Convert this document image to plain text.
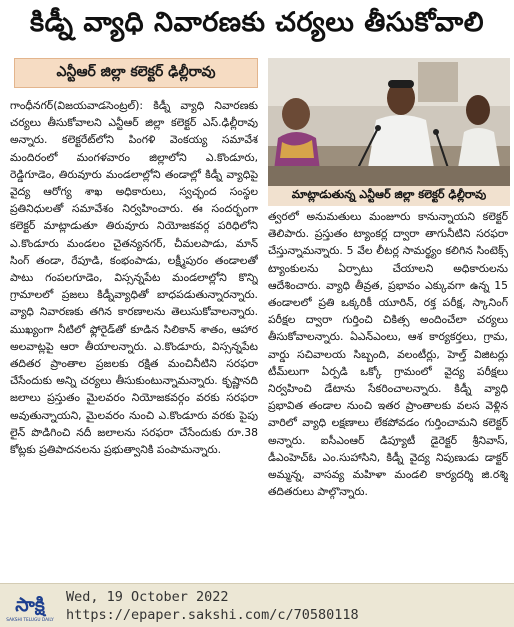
కిడ్నీ వ్యాధి నివారణకు చర్యలు తీసుకోవాలి
ఎన్టీఆర్ జిల్లా కలెక్టర్ ఢిల్లీరావు

గాంధీనగర్(విజయవాడసెంట్రల్): కిడ్నీ వ్యాధి నివారణకు చర్యలు తీసుకోవాలని ఎన్టీఆర్ జిల్లా కలెక్టర్ ఎస్.ఢిల్లీరావు అన్నారు. కలెక్టరేట్‌లోని పింగళి వెంకయ్య సమావేశ మందిరంలో మంగళవారం జిల్లాలోని ఎ.కొండూరు, రెడ్డిగూడెం, తిరువూరు మండలాల్లోని తండాల్లో కిడ్నీ వ్యాధిపై వైద్య ఆరోగ్య శాఖ అధికారులు, స్వచ్ఛంద సంస్థల ప్రతినిధులతో సమావేశం నిర్వహించారు. ఈ సందర్భంగా కలెక్టర్ మాట్లాడుతూ తిరువూరు నియోజకవర్గ పరిధిలోని ఎ.కొండూరు మండలం చైతన్యనగర్, చీమలపాడు, మాన్ సింగ్ తండా, రేపూడి, కంభంపాడు, లక్ష్మీపురం తండాలతో పాటు గంపలగూడెం, విస్సన్నపేట మండలాల్లోని కొన్ని గ్రామాలలో ప్రజలు కిడ్నీవ్యాధితో బాధపడుతున్నారన్నారు. వ్యాధి నివారణకు తగిన కారణాలను తెలుసుకోవాలన్నారు. ముఖ్యంగా నీటిలో ఫ్లోరైడ్‌తో కూడిన సిలికాన్ శాతం, ఆహార అలవాట్లపై ఆరా తీయాలన్నారు. ఎ.కొండూరు, విస్సన్నపేట తదితర ప్రాంతాల ప్రజలకు రక్షిత మంచినీటిని సరఫరా చేసేందుకు అన్ని చర్యలు తీసుకుంటున్నామన్నారు. కృష్ణానది జలాలు ప్రస్తుతం మైలవరం నియోజకవర్గం వరకు సరఫరా అవుతున్నాయని, మైలవరం నుంచి ఎ.కొండూరు వరకు పైపు లైన్ పొడిగించి నదీ జలాలను సరఫరా చేసేందుకు రూ.38 కోట్లకు ప్రతిపాదనలను ప్రభుత్వానికి పంపామన్నారు.

మాట్లాడుతున్న ఎన్టీఆర్ జిల్లా కలెక్టర్ ఢిల్లీరావు

త్వరలో అనుమతులు మంజూరు కానున్నాయని కలెక్టర్ తెలిపారు. ప్రస్తుతం ట్యాంకర్ల ద్వారా తాగునీటిని సరఫరా చేస్తున్నామన్నారు. 5 వేల లీటర్ల సామర్థ్యం కలిగిన సింటెక్స్ ట్యాంకులను ఏర్పాటు చేయాలని అధికారులను ఆదేశించారు. వ్యాధి తీవ్రత, ప్రభావం ఎక్కువగా ఉన్న 15 తండాలలో ప్రతి ఒక్కరికీ యూరిన్, రక్త పరీక్ష, స్కానింగ్ పరీక్షల ద్వారా గుర్తించి చికిత్స అందించేలా చర్యలు తీసుకోవాలన్నారు. ఏఎన్‌ఎంలు, ఆశ కార్యకర్తలు, గ్రామ, వార్డు సచివాలయ సిబ్బంది, వలంటీర్లు, హెల్త్ విజిటర్లు టీమ్‌లుగా ఏర్పడి ఒక్కో గ్రామంలో వైద్య పరీక్షలు నిర్వహించి డేటాను సేకరించాలన్నారు. కిడ్నీ వ్యాధి ప్రభావిత తండాల నుంచి ఇతర ప్రాంతాలకు వలస వెళ్లిన వారిలో వ్యాధి లక్షణాలు లేకపోవడం గుర్తించామని కలెక్టర్ అన్నారు. ఐసీఎంఆర్ డిప్యూటీ డైరెక్టర్ శ్రీనివాస్, డీఎంహెచ్‌ఓ ఎం.సుహాసిని, కిడ్నీ వైద్య నిపుణుడు డాక్టర్ అమ్మన్న, వాసవ్య మహిళా మండలి కార్యదర్శి జి.రశ్మి తదితరులు పాల్గొన్నారు.

సాక్షి
SAKSHI TELUGU DAILY
Wed, 19 October 2022
https://epaper.sakshi.com/c/70580118
